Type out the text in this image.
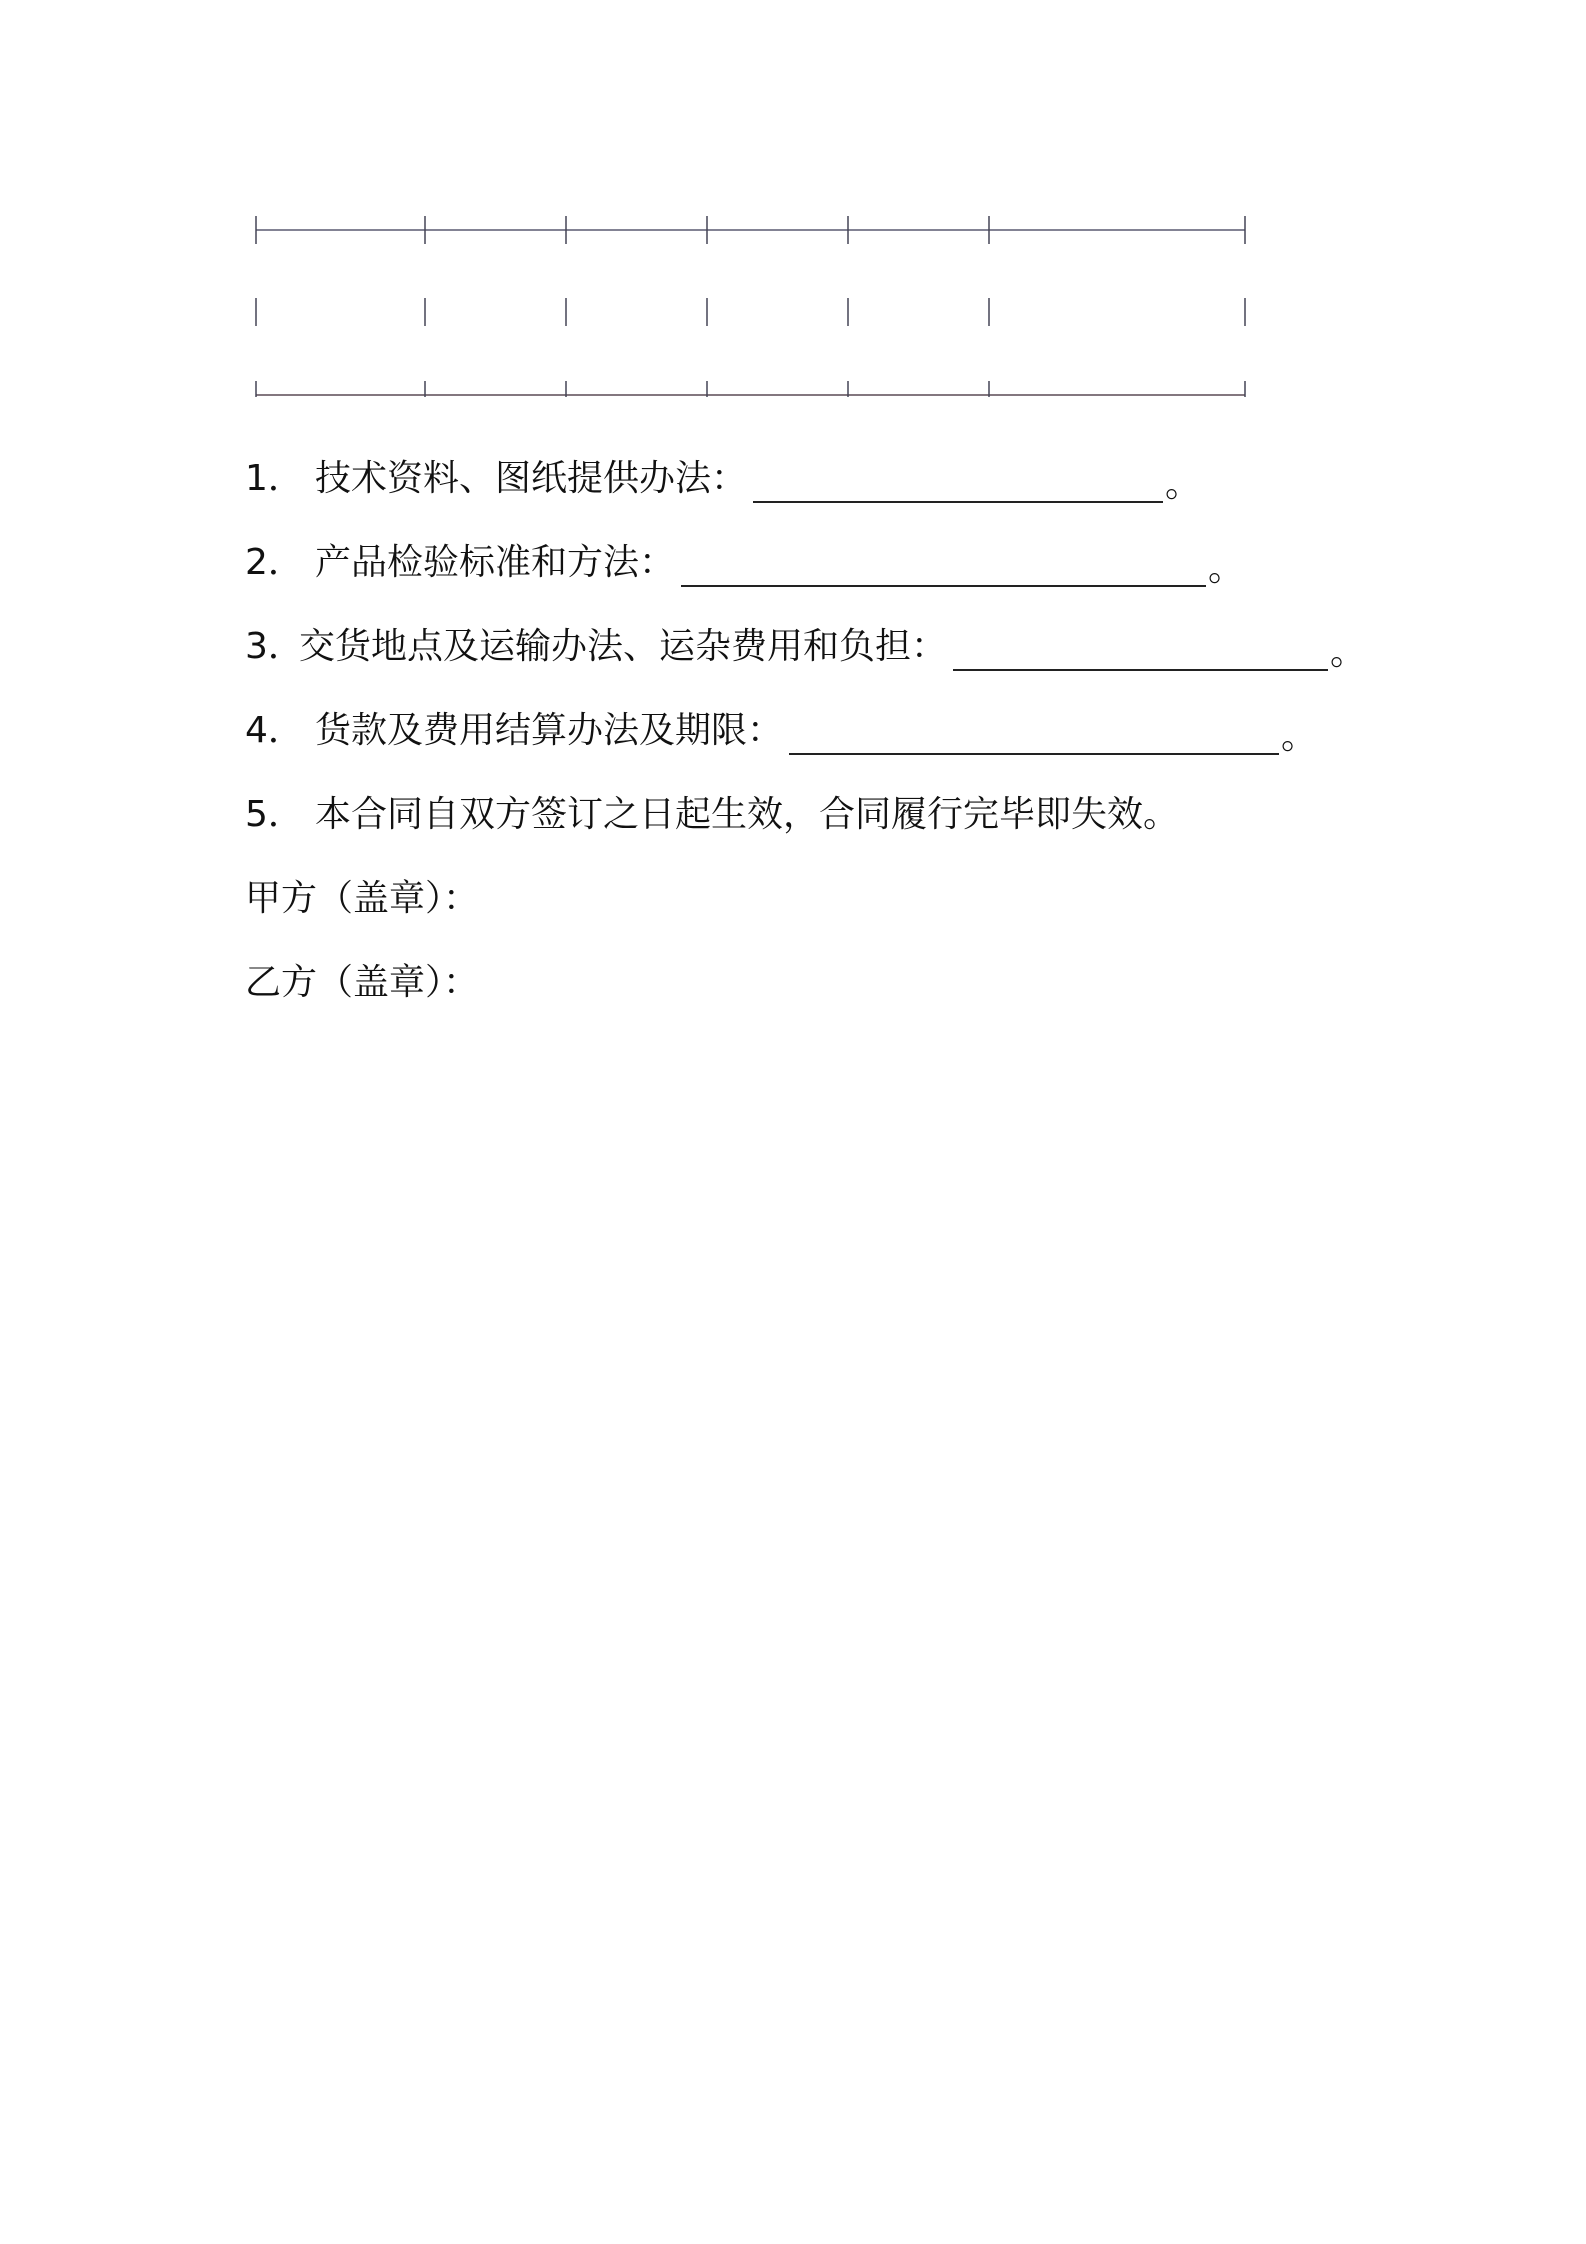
1． 技术资料、图纸提供办法：	。
2． 产品检验标准和方法：	。
3．
交货地点及运输办法、运杂费用和负担：	。
4． 货款及费用结算办法及期限：	。
5． 本合同自双方签订之日起生效，合同履行完毕即失效。
甲方（盖章）：
乙方（盖章）：
